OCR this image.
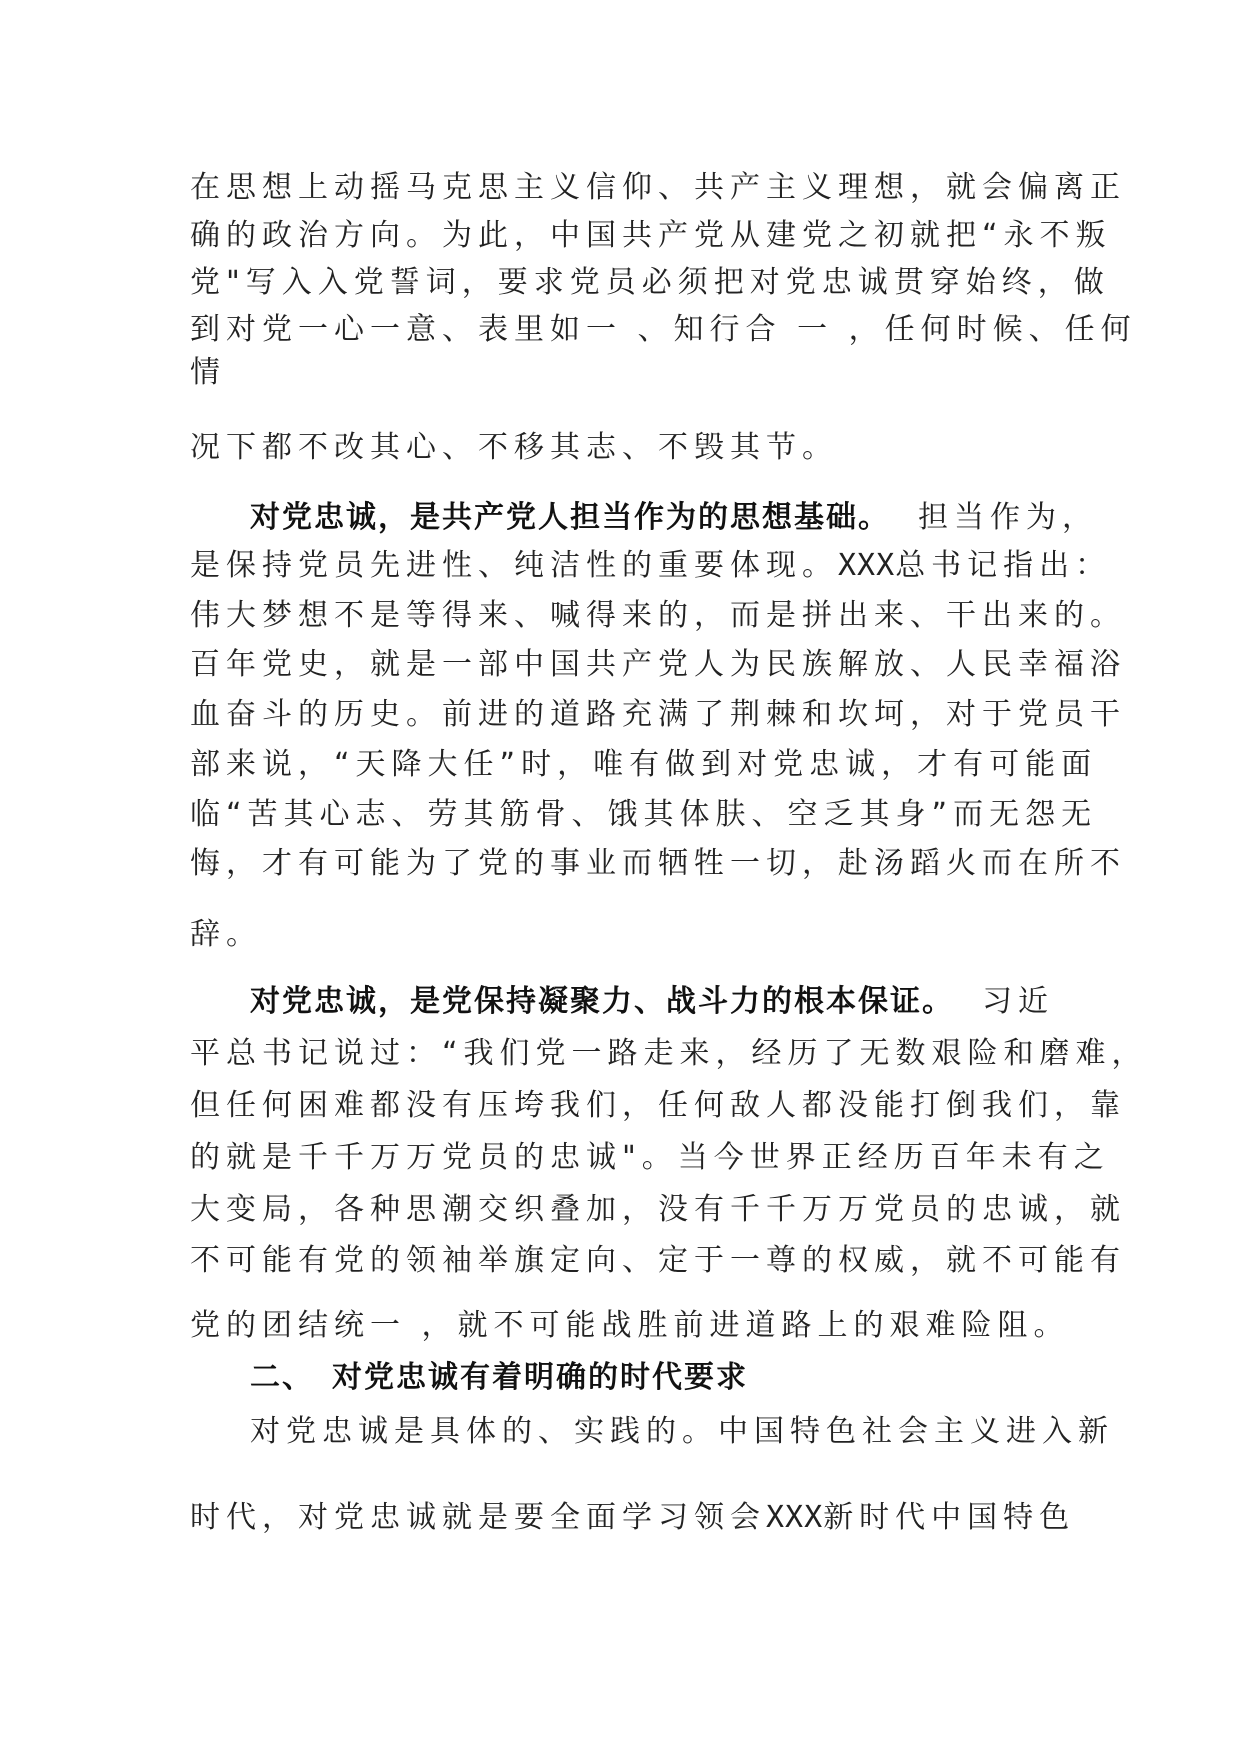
在思想上动摇马克思主义信仰、共产主义理想，就会偏离正
确的政治方向。为此，中国共产党从建党之初就把“永不叛
党"写入入党誓词，要求党员必须把对党忠诚贯穿始终，做
到对党一心一意、表里如一 、知行合 一 ，任何时候、任何
情
况下都不改其心、不移其志、不毁其节。
对党忠诚，是共产党人担当作为的思想基础。 担当作为，
是保持党员先进性、纯洁性的重要体现。XXX总书记指出：
伟大梦想不是等得来、喊得来的，而是拼出来、干出来的。
百年党史，就是一部中国共产党人为民族解放、人民幸福浴
血奋斗的历史。前进的道路充满了荆棘和坎坷，对于党员干
部来说，“天降大任”时，唯有做到对党忠诚，才有可能面
临“苦其心志、劳其筋骨、饿其体肤、空乏其身”而无怨无
悔，才有可能为了党的事业而牺牲一切，赴汤蹈火而在所不
辞。
对党忠诚，是党保持凝聚力、战斗力的根本保证。 习近
平总书记说过：“我们党一路走来，经历了无数艰险和磨难，
但任何困难都没有压垮我们，任何敌人都没能打倒我们，靠
的就是千千万万党员的忠诚"。当今世界正经历百年未有之
大变局，各种思潮交织叠加，没有千千万万党员的忠诚，就
不可能有党的领袖举旗定向、定于一尊的权威，就不可能有
党的团结统一 ，就不可能战胜前进道路上的艰难险阻。
二、 对党忠诚有着明确的时代要求
对党忠诚是具体的、实践的。中国特色社会主义进入新
时代，对党忠诚就是要全面学习领会XXX新时代中国特色
